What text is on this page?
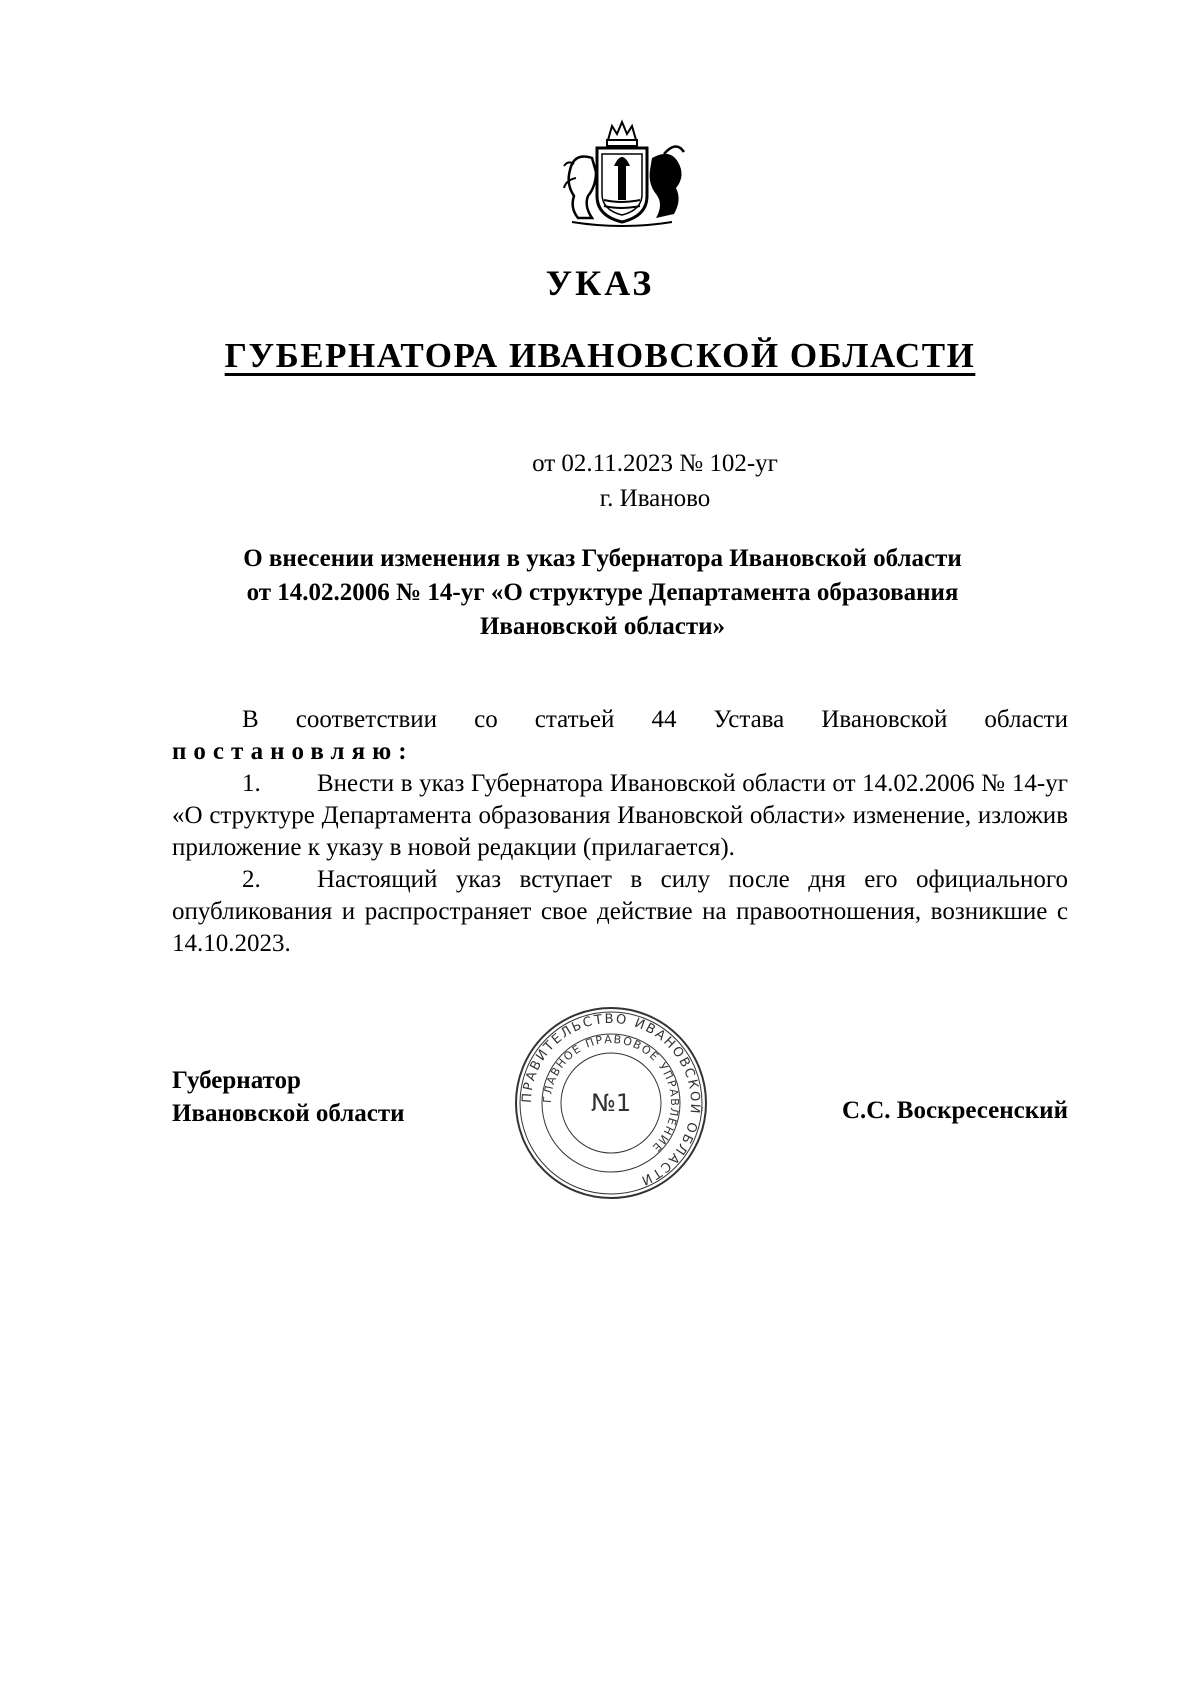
УКАЗ
ГУБЕРНАТОРА ИВАНОВСКОЙ ОБЛАСТИ
от 02.11.2023 № 102-уг
г. Иваново
О внесении изменения в указ Губернатора Ивановской области
от 14.02.2006 № 14-уг «О структуре Департамента образования
Ивановской области»

В соответствии со статьей 44 Устава Ивановской области

постановляю:

1. Внести в указ Губернатора Ивановской области от 14.02.2006 № 14-уг «О структуре Департамента образования Ивановской области» изменение, изложив приложение к указу в новой редакции (прилагается).

2. Настоящий указ вступает в силу после дня его официального опубликования и распространяет свое действие на правоотношения, возникшие с 14.10.2023.

Губернатор
Ивановской области	С.С. Воскресенский
ПРАВИТЕЛЬСТВО ИВАНОВСКОЙ ОБЛАСТИ
ГЛАВНОЕ ПРАВОВОЕ УПРАВЛЕНИЕ
№1
